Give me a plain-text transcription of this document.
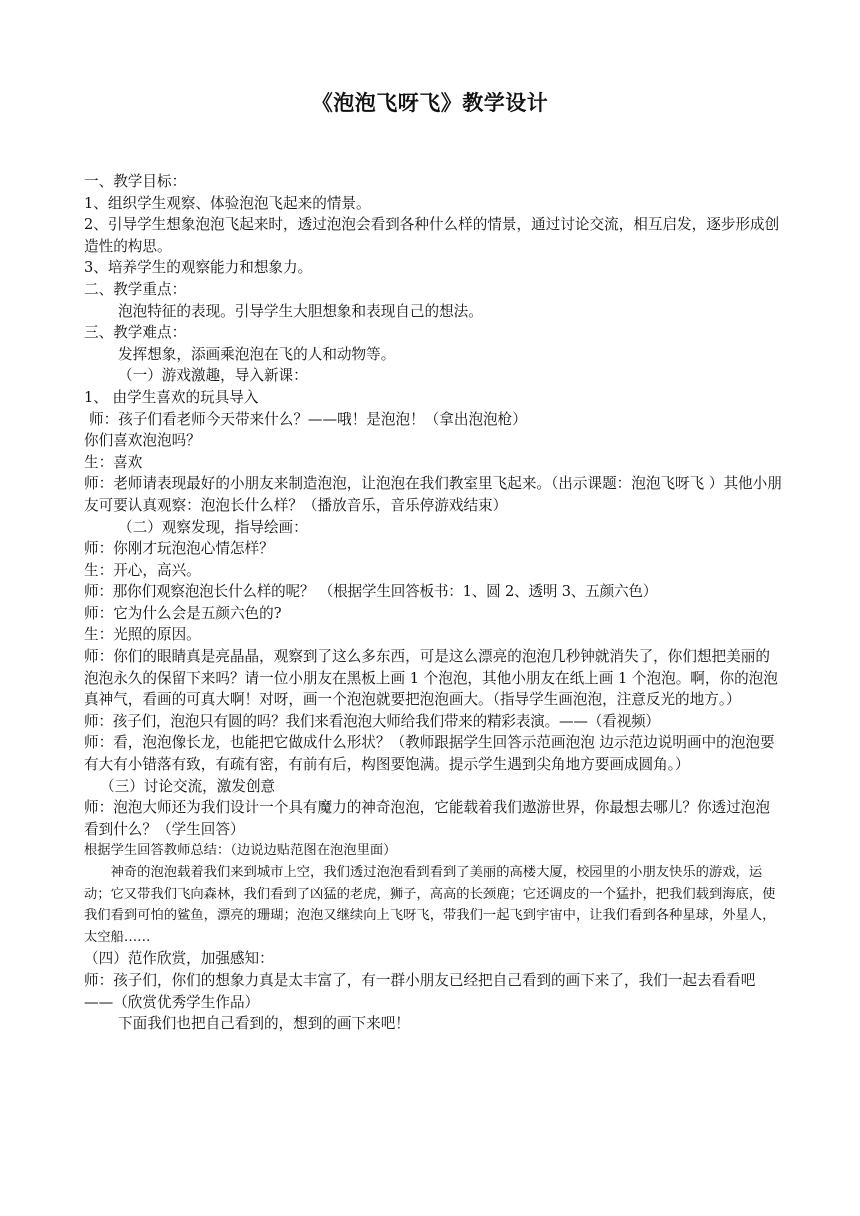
《泡泡飞呀飞》教学设计

一、教学目标：

1、组织学生观察、体验泡泡飞起来的情景。

2、引导学生想象泡泡飞起来时，透过泡泡会看到各种什么样的情景，通过讨论交流，相互启发，逐步形成创造性的构思。

3、培养学生的观察能力和想象力。

二、教学重点：

泡泡特征的表现。引导学生大胆想象和表现自己的想法。

三、教学难点：

发挥想象，添画乘泡泡在飞的人和动物等。

（一）游戏激趣，导入新课：

1、 由学生喜欢的玩具导入

师：孩子们看老师今天带来什么？——哦！是泡泡！（拿出泡泡枪）

你们喜欢泡泡吗？

生：喜欢

师：老师请表现最好的小朋友来制造泡泡，让泡泡在我们教室里飞起来。（出示课题：泡泡飞呀飞 ）其他小朋友可要认真观察：泡泡长什么样？（播放音乐，音乐停游戏结束）

（二）观察发现，指导绘画：

师：你刚才玩泡泡心情怎样？

生：开心，高兴。

师：那你们观察泡泡长什么样的呢？ （根据学生回答板书：1、圆 2、透明 3、五颜六色）

师：它为什么会是五颜六色的?

生：光照的原因。

师：你们的眼睛真是亮晶晶，观察到了这么多东西，可是这么漂亮的泡泡几秒钟就消失了，你们想把美丽的泡泡永久的保留下来吗？请一位小朋友在黑板上画 1 个泡泡，其他小朋友在纸上画 1 个泡泡。啊，你的泡泡真神气，看画的可真大啊！对呀，画一个泡泡就要把泡泡画大。（指导学生画泡泡，注意反光的地方。）

师：孩子们，泡泡只有圆的吗？我们来看泡泡大师给我们带来的精彩表演。——（看视频）

师：看，泡泡像长龙，也能把它做成什么形状？（教师跟据学生回答示范画泡泡 边示范边说明画中的泡泡要有大有小错落有致，有疏有密，有前有后，构图要饱满。提示学生遇到尖角地方要画成圆角。）

（三）讨论交流，激发创意

师：泡泡大师还为我们设计一个具有魔力的神奇泡泡，它能载着我们遨游世界，你最想去哪儿？你透过泡泡看到什么？（学生回答）

根据学生回答教师总结：（边说边贴范图在泡泡里面）

神奇的泡泡载着我们来到城市上空，我们透过泡泡看到看到了美丽的高楼大厦，校园里的小朋友快乐的游戏，运动；它又带我们飞向森林，我们看到了凶猛的老虎，狮子，高高的长颈鹿；它还调皮的一个猛扑，把我们载到海底，使我们看到可怕的鲨鱼，漂亮的珊瑚；泡泡又继续向上飞呀飞，带我们一起飞到宇宙中，让我们看到各种星球，外星人，太空船……

（四）范作欣赏，加强感知：

师：孩子们，你们的想象力真是太丰富了，有一群小朋友已经把自己看到的画下来了，我们一起去看看吧——（欣赏优秀学生作品）

下面我们也把自己看到的，想到的画下来吧！
